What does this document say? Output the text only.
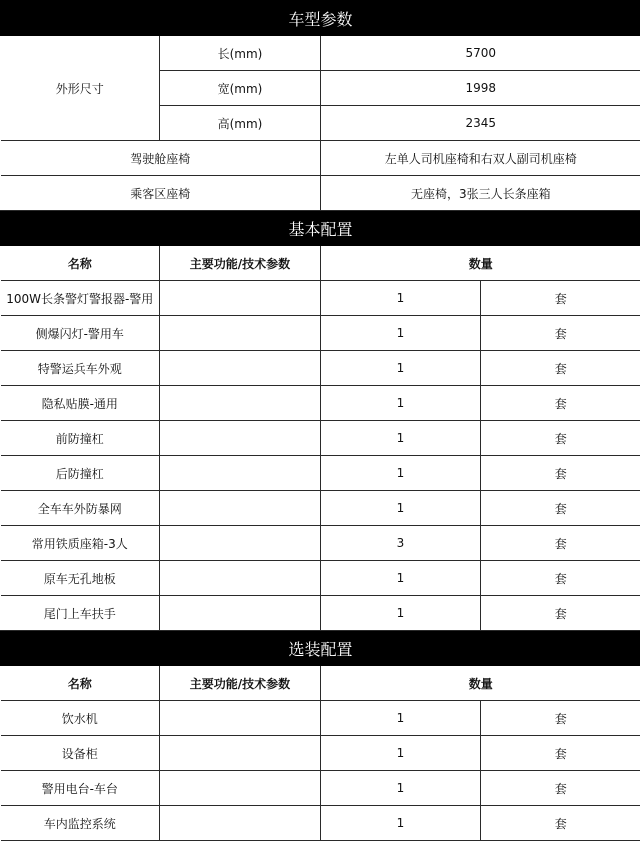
车型参数			
外形尺寸	长(mm)	5700	
	宽(mm)	1998	
	高(mm)	2345	
驾驶舱座椅		左单人司机座椅和右双人副司机座椅	
乘客区座椅		无座椅，3张三人长条座箱	
基本配置			
名称	主要功能/技术参数	数量	
100W长条警灯警报器-警用		1	套
侧爆闪灯-警用车		1	套
特警运兵车外观		1	套
隐私贴膜-通用		1	套
前防撞杠		1	套
后防撞杠		1	套
全车车外防暴网		1	套
常用铁质座箱-3人		3	套
原车无孔地板		1	套
尾门上车扶手		1	套
选装配置			
名称	主要功能/技术参数	数量	
饮水机		1	套
设备柜		1	套
警用电台-车台		1	套
车内监控系统		1	套
